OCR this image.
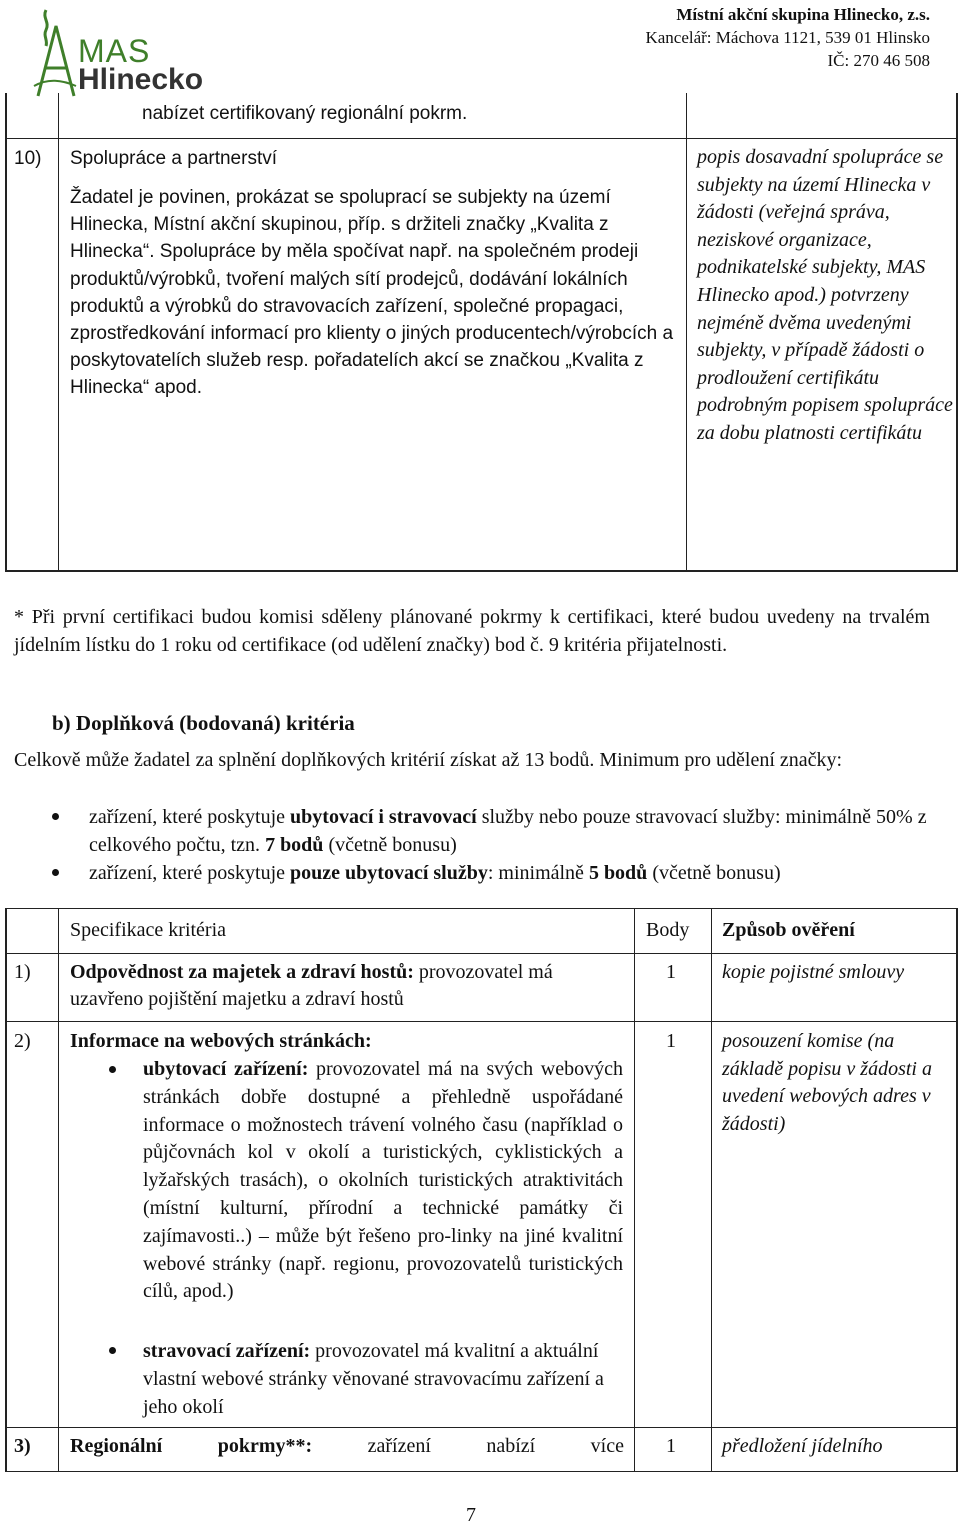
MAS
Hlinecko
Místní akční skupina Hlinecko, z.s.
Kancelář: Máchova 1121, 539 01 Hlinsko
IČ: 270 46 508
nabízet certifikovaný regionální pokrm.
10) Spolupráce a partnerství
Žadatel je povinen, prokázat se spoluprací se subjekty na území Hlinecka, Místní akční skupinou, příp. s držiteli značky „Kvalita z Hlinecka“. Spolupráce by měla spočívat např. na společném prodeji produktů/výrobků, tvoření malých sítí prodejců, dodávání lokálních produktů a výrobků do stravovacích zařízení, společné propagaci, zprostředkování informací pro klienty o jiných producentech/výrobcích a poskytovatelích služeb resp. pořadatelích akcí se značkou „Kvalita z Hlinecka“ apod.
popis dosavadní spolupráce se subjekty na území Hlinecka v žádosti (veřejná správa, neziskové organizace, podnikatelské subjekty, MAS Hlinecko apod.) potvrzeny nejméně dvěma uvedenými subjekty, v případě žádosti o prodloužení certifikátu podrobným popisem spolupráce za dobu platnosti certifikátu
* Při první certifikaci budou komisi sděleny plánované pokrmy k certifikaci, které budou uvedeny na trvalém jídelním lístku do 1 roku od certifikace (od udělení značky) bod č. 9 kritéria přijatelnosti.
b) Doplňková (bodovaná) kritéria
Celkově může žadatel za splnění doplňkových kritérií získat až 13 bodů. Minimum pro udělení značky:
zařízení, které poskytuje ubytovací i stravovací služby nebo pouze stravovací služby: minimálně 50% z celkového počtu, tzn. 7 bodů (včetně bonusu)
zařízení, které poskytuje pouze ubytovací služby: minimálně 5 bodů (včetně bonusu)
Specifikace kritéria	Body Způsob ověření
1) Odpovědnost za majetek a zdraví hostů: provozovatel má uzavřeno pojištění majetku a zdraví hostů
1 kopie pojistné smlouvy
2) Informace na webových stránkách:
ubytovací zařízení: provozovatel má na svých webových stránkách dobře dostupné a přehledně uspořádané informace o možnostech trávení volného času (například o půjčovnách kol v okolí a turistických, cyklistických a lyžařských trasách), o okolních turistických atraktivitách (místní kulturní, přírodní a technické památky či zajímavosti..) – může být řešeno pro-linky na jiné kvalitní webové stránky (např. regionu, provozovatelů turistických cílů, apod.)
stravovací zařízení: provozovatel má kvalitní a aktuální vlastní webové stránky věnované stravovacímu zařízení a jeho okolí
1 posouzení komise (na základě popisu v žádosti a uvedení webových adres v žádosti)
3) Regionální pokrmy**: zařízení nabízí více 1 předložení jídelního
7
